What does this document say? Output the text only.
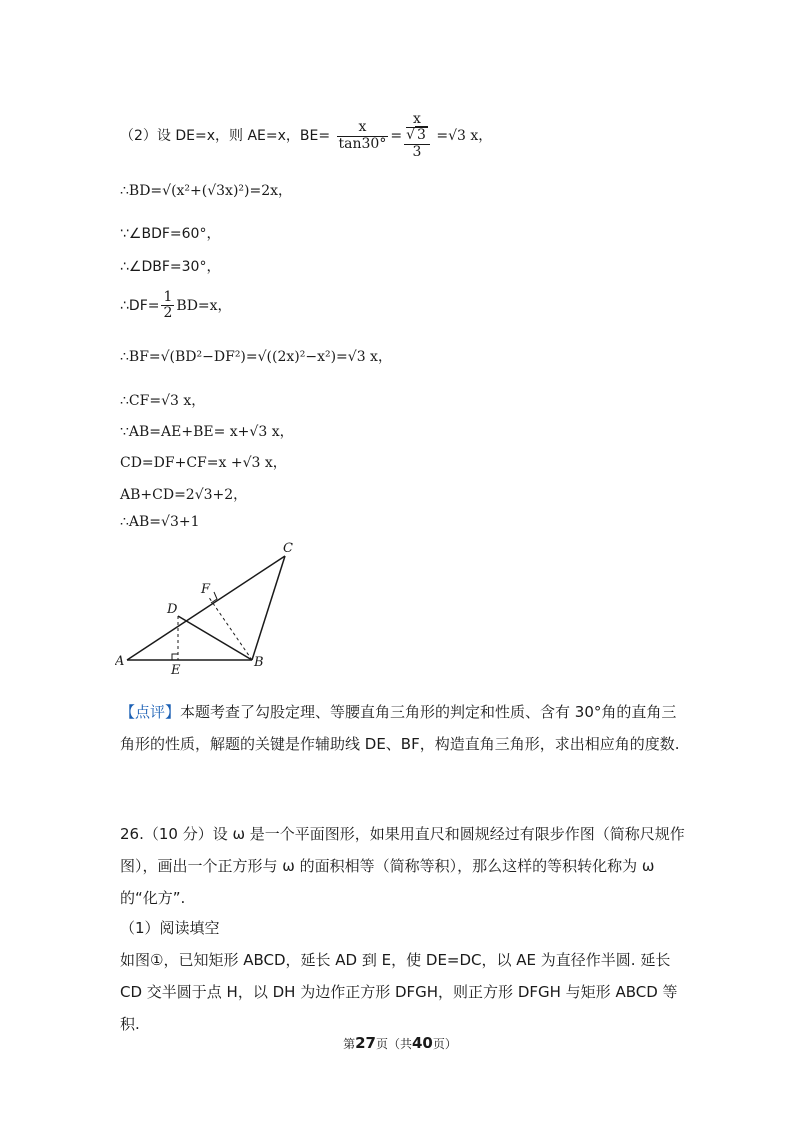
（2）设 DE=x，则 AE=x，$BE= \frac{x}{\tan 30^\circ} = x$
√ 3
3 =√3 x，
∴BD=√(x²+(√3x)²)=2x，
∵∠BDF=60°，
∴∠DBF=30°，
∴DF= $\frac{1}{2} BD=x$，
∴BF=√(BD²−DF²)=√((2x)²−x²)=√3 x，
∴CF=√3 x，
∵AB=AE+BE= x+√3 x，
CD=DF+CF=x +√3 x，
AB+CD=2√3+2，
∴AB=√3+1
A	B
C
D
E
F
【点评】本题考查了勾股定理、等腰直角三角形的判定和性质、含有 30°角的直角三角形的性质，解题的关键是作辅助线 DE、BF，构造直角三角形，求出相应角的度数.
26.（10 分）设 ω 是一个平面图形，如果用直尺和圆规经过有限步作图（简称尺规作图），画出一个正方形与 ω 的面积相等（简称等积），那么这样的等积转化称为 ω 的“化方”.
（1）阅读填空
如图①，已知矩形 ABCD，延长 AD 到 E，使 DE=DC，以 AE 为直径作半圆. 延长 CD 交半圆于点 H，以 DH 为边作正方形 DFGH，则正方形 DFGH 与矩形 ABCD 等积.
第27页（共40页）
